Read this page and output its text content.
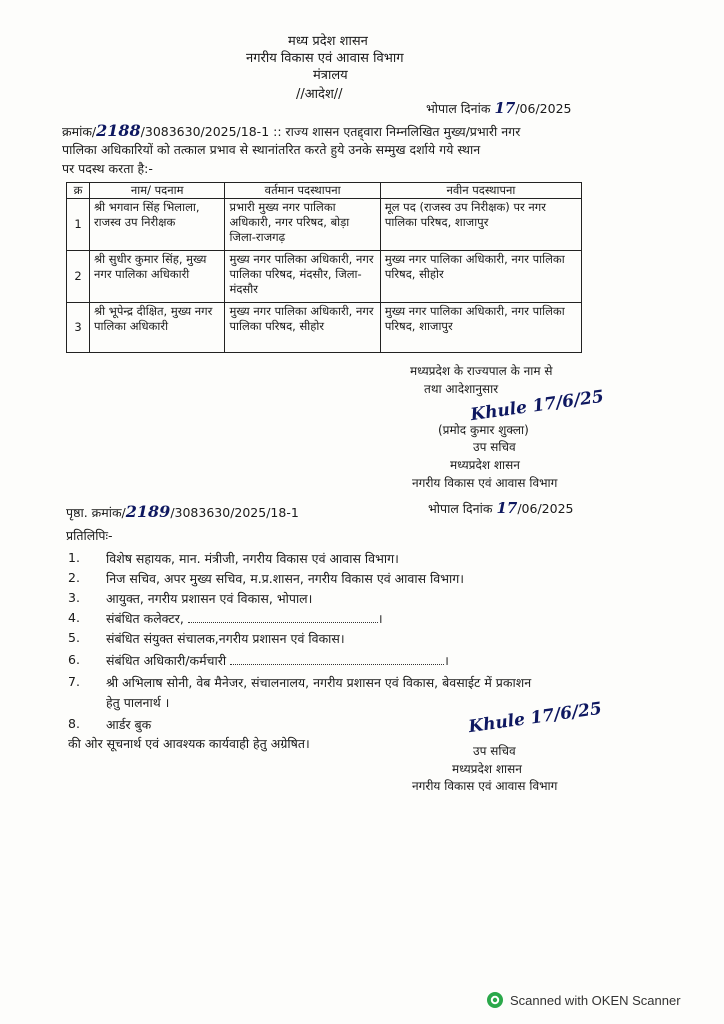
मध्य प्रदेश शासन
नगरीय विकास एवं आवास विभाग
मंत्रालय
//आदेश//
भोपाल दिनांक 17/06/2025
क्रमांक/2188/3083630/2025/18-1 :: राज्य शासन एतद्द्वारा निम्नलिखित मुख्य/प्रभारी नगर
पालिका अधिकारियों को तत्काल प्रभाव से स्थानांतरित करते हुये उनके सम्मुख दर्शाये गये स्थान
पर पदस्थ करता है:-
क्र	नाम/ पदनाम	वर्तमान पदस्थापना	नवीन पदस्थापना
1	श्री भगवान सिंह भिलाला, राजस्व उप निरीक्षक	प्रभारी मुख्य नगर पालिका अधिकारी, नगर परिषद, बोड़ा जिला-राजगढ़	मूल पद (राजस्व उप निरीक्षक) पर नगर पालिका परिषद, शाजापुर
2	श्री सुधीर कुमार सिंह, मुख्य नगर पालिका अधिकारी	मुख्य नगर पालिका अधिकारी, नगर पालिका परिषद, मंदसौर, जिला-मंदसौर	मुख्य नगर पालिका अधिकारी, नगर पालिका परिषद, सीहोर
3	श्री भूपेन्द्र दीक्षित, मुख्य नगर पालिका अधिकारी	मुख्य नगर पालिका अधिकारी, नगर पालिका परिषद, सीहोर	मुख्य नगर पालिका अधिकारी, नगर पालिका परिषद, शाजापुर
मध्यप्रदेश के राज्यपाल के नाम से
तथा आदेशानुसार
Khule 17/6/25
(प्रमोद कुमार शुक्ला)
उप सचिव
मध्यप्रदेश शासन
नगरीय विकास एवं आवास विभाग
पृष्ठा. क्रमांक/2189/3083630/2025/18-1	भोपाल दिनांक 17/06/2025
प्रतिलिपिः-
1. विशेष सहायक, मान. मंत्रीजी, नगरीय विकास एवं आवास विभाग।
2. निज सचिव, अपर मुख्य सचिव, म.प्र.शासन, नगरीय विकास एवं आवास विभाग।
3. आयुक्त, नगरीय प्रशासन एवं विकास, भोपाल।
4. संबंधित कलेक्टर,	।
5. संबंधित संयुक्त संचालक,नगरीय प्रशासन एवं विकास।
6. संबंधित अधिकारी/कर्मचारी	।
7. श्री अभिलाष सोनी, वेब मैनेजर, संचालनालय, नगरीय प्रशासन एवं विकास, बेवसाईट में प्रकाशन
हेतु पालनार्थ ।
8. आर्डर बुक
की ओर सूचनार्थ एवं आवश्यक कार्यवाही हेतु अग्रेषित।
Khule 17/6/25
उप सचिव
मध्यप्रदेश शासन
नगरीय विकास एवं आवास विभाग
Scanned with OKEN Scanner
